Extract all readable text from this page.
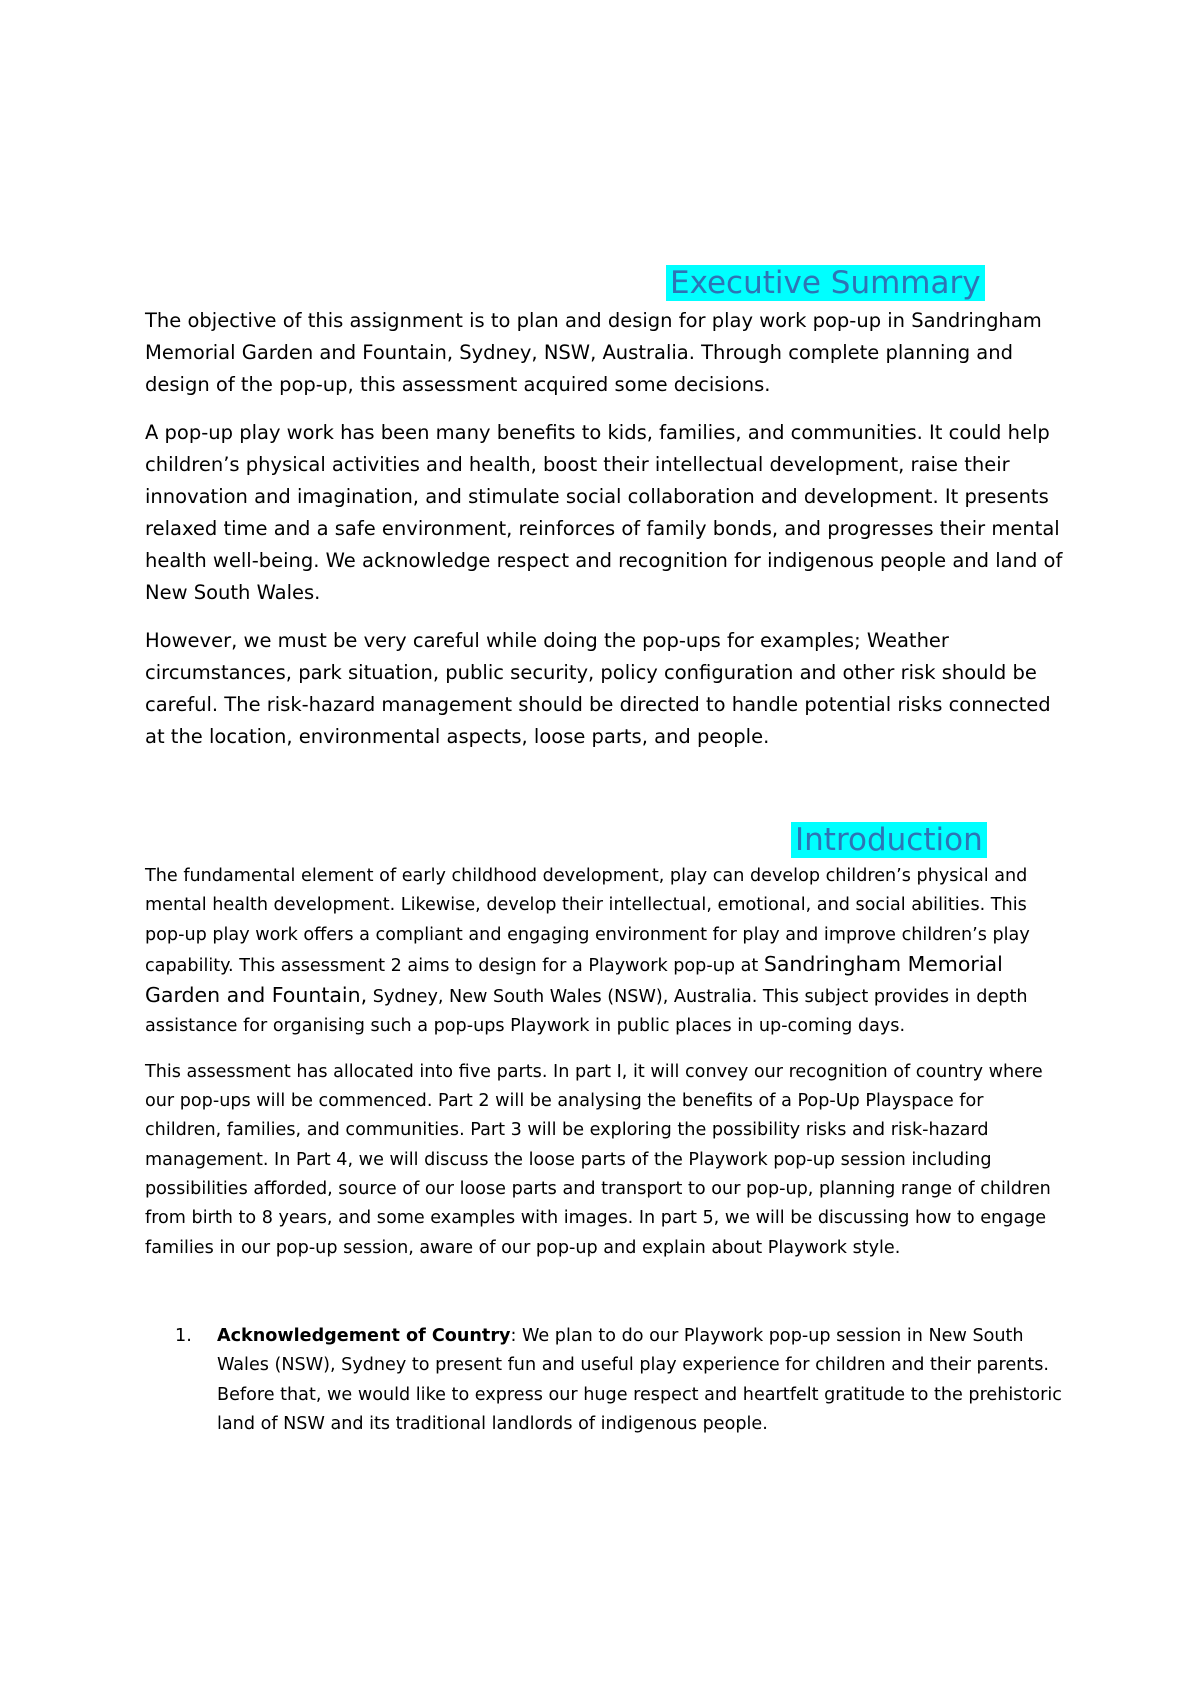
Executive Summary

The objective of this assignment is to plan and design for play work pop-up in Sandringham Memorial Garden and Fountain, Sydney, NSW, Australia. Through complete planning and design of the pop-up, this assessment acquired some decisions.

A pop-up play work has been many benefits to kids, families, and communities. It could help children’s physical activities and health, boost their intellectual development, raise their innovation and imagination, and stimulate social collaboration and development. It presents relaxed time and a safe environment, reinforces of family bonds, and progresses their mental health well-being. We acknowledge respect and recognition for indigenous people and land of New South Wales.

However, we must be very careful while doing the pop-ups for examples; Weather circumstances, park situation, public security, policy configuration and other risk should be careful. The risk-hazard management should be directed to handle potential risks connected at the location, environmental aspects, loose parts, and people.

Introduction

The fundamental element of early childhood development, play can develop children’s physical and mental health development. Likewise, develop their intellectual, emotional, and social abilities. This pop-up play work offers a compliant and engaging environment for play and improve children’s play capability. This assessment 2 aims to design for a Playwork pop-up at Sandringham Memorial Garden and Fountain, Sydney, New South Wales (NSW), Australia. This subject provides in depth assistance for organising such a pop-ups Playwork in public places in up-coming days.

This assessment has allocated into five parts. In part I, it will convey our recognition of country where our pop-ups will be commenced. Part 2 will be analysing the benefits of a Pop-Up Playspace for children, families, and communities. Part 3 will be exploring the possibility risks and risk-hazard management. In Part 4, we will discuss the loose parts of the Playwork pop-up session including possibilities afforded, source of our loose parts and transport to our pop-up, planning range of children from birth to 8 years, and some examples with images. In part 5, we will be discussing how to engage families in our pop-up session, aware of our pop-up and explain about Playwork style.

1. Acknowledgement of Country: We plan to do our Playwork pop-up session in New South Wales (NSW), Sydney to present fun and useful play experience for children and their parents. Before that, we would like to express our huge respect and heartfelt gratitude to the prehistoric land of NSW and its traditional landlords of indigenous people.
